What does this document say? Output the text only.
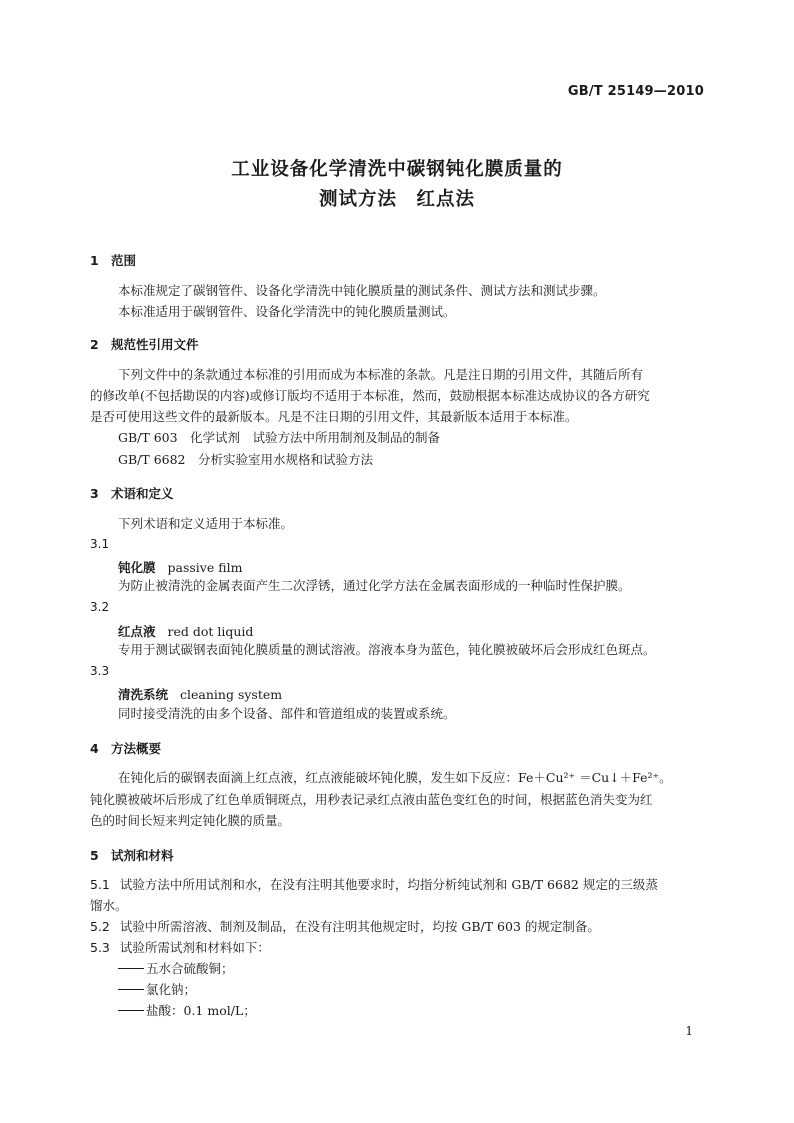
GB/T 25149—2010
工业设备化学清洗中碳钢钝化膜质量的
测试方法　红点法
1 范围
本标准规定了碳钢管件、设备化学清洗中钝化膜质量的测试条件、测试方法和测试步骤。
本标准适用于碳钢管件、设备化学清洗中的钝化膜质量测试。
2 规范性引用文件
下列文件中的条款通过本标准的引用而成为本标准的条款。凡是注日期的引用文件，其随后所有
的修改单(不包括勘误的内容)或修订版均不适用于本标准，然而，鼓励根据本标准达成协议的各方研究
是否可使用这些文件的最新版本。凡是不注日期的引用文件，其最新版本适用于本标准。
GB/T 603　化学试剂　试验方法中所用制剂及制品的制备
GB/T 6682　分析实验室用水规格和试验方法
3 术语和定义
下列术语和定义适用于本标准。
3.1
钝化膜 passive film
为防止被清洗的金属表面产生二次浮锈，通过化学方法在金属表面形成的一种临时性保护膜。
3.2
红点液 red dot liquid
专用于测试碳钢表面钝化膜质量的测试溶液。溶液本身为蓝色，钝化膜被破坏后会形成红色斑点。
3.3
清洗系统 cleaning system
同时接受清洗的由多个设备、部件和管道组成的装置或系统。
4 方法概要
在钝化后的碳钢表面滴上红点液，红点液能破坏钝化膜，发生如下反应：Fe＋Cu²⁺ ＝Cu↓＋Fe²⁺。
钝化膜被破坏后形成了红色单质铜斑点，用秒表记录红点液由蓝色变红色的时间，根据蓝色消失变为红
色的时间长短来判定钝化膜的质量。
5 试剂和材料
5.1 试验方法中所用试剂和水，在没有注明其他要求时，均指分析纯试剂和 GB/T 6682 规定的三级蒸
馏水。
5.2 试验中所需溶液、制剂及制品，在没有注明其他规定时，均按 GB/T 603 的规定制备。
5.3 试验所需试剂和材料如下：
五水合硫酸铜；
氯化钠；
盐酸：0.1 mol/L；
1
